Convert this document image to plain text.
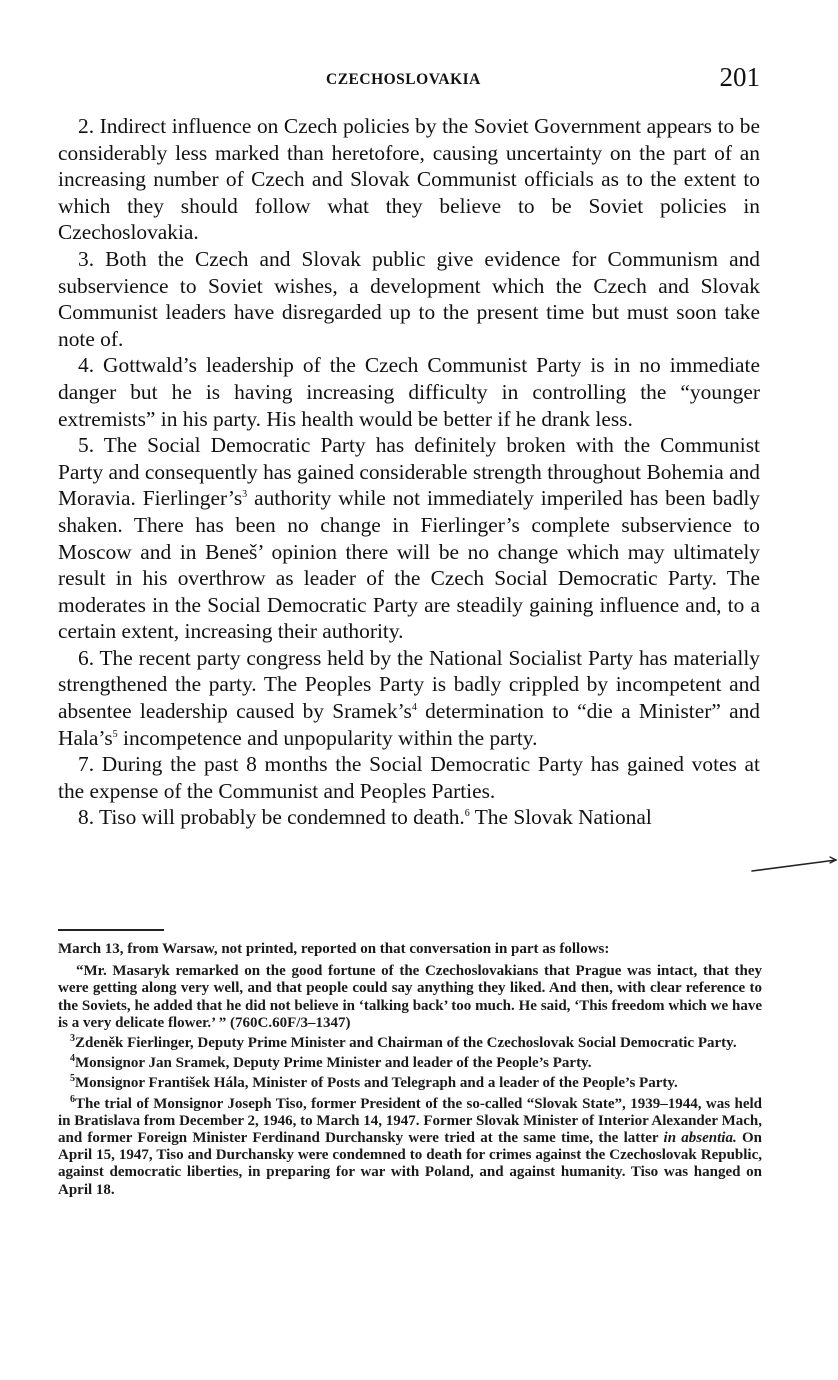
CZECHOSLOVAKIA	201

2. Indirect influence on Czech policies by the Soviet Government appears to be considerably less marked than heretofore, causing uncertainty on the part of an increasing number of Czech and Slovak Communist officials as to the extent to which they should follow what they believe to be Soviet policies in Czechoslovakia.

3. Both the Czech and Slovak public give evidence for Communism and subservience to Soviet wishes, a development which the Czech and Slovak Communist leaders have disregarded up to the present time but must soon take note of.

4. Gottwald’s leadership of the Czech Communist Party is in no immediate danger but he is having increasing difficulty in controlling the “younger extremists” in his party. His health would be better if he drank less.

5. The Social Democratic Party has definitely broken with the Communist Party and consequently has gained considerable strength throughout Bohemia and Moravia. $Fierlinger’s^3$ authority while not immediately imperiled has been badly shaken. There has been no change in Fierlinger’s complete subservience to Moscow and in Beneš’ opinion there will be no change which may ultimately result in his overthrow as leader of the Czech Social Democratic Party. The moderates in the Social Democratic Party are steadily gaining influence and, to a certain extent, increasing their authority.

6. The recent party congress held by the National Socialist Party has materially strengthened the party. The Peoples Party is badly crippled by incompetent and absentee leadership caused by $Sramek’s^4$ determination to “die a Minister” and $Hala’s^5$ incompetence and unpopularity within the party.

7. During the past 8 months the Social Democratic Party has gained votes at the expense of the Communist and Peoples Parties.

8. Tiso will probably be condemned to death.$^6$ The Slovak National

March 13, from Warsaw, not printed, reported on that conversation in part as follows:

“Mr. Masaryk remarked on the good fortune of the Czechoslovakians that Prague was intact, that they were getting along very well, and that people could say anything they liked. And then, with clear reference to the Soviets, he added that he did not believe in ‘talking back’ too much. He said, ‘This freedom which we have is a very delicate flower.’ ” (760C.60F/3–1347)

$^3$Zdeněk Fierlinger, Deputy Prime Minister and Chairman of the Czechoslovak Social Democratic Party.

$^4$Monsignor Jan Sramek, Deputy Prime Minister and leader of the People’s Party.

$^5$Monsignor František Hála, Minister of Posts and Telegraph and a leader of the People’s Party.

$^6$The trial of Monsignor Joseph Tiso, former President of the so-called “Slovak State”, 1939–1944, was held in Bratislava from December 2, 1946, to March 14, 1947. Former Slovak Minister of Interior Alexander Mach, and former Foreign Minister Ferdinand Durchansky were tried at the same time, the latter in absentia. On April 15, 1947, Tiso and Durchansky were condemned to death for crimes against the Czechoslovak Republic, against democratic liberties, in preparing for war with Poland, and against humanity. Tiso was hanged on April 18.
